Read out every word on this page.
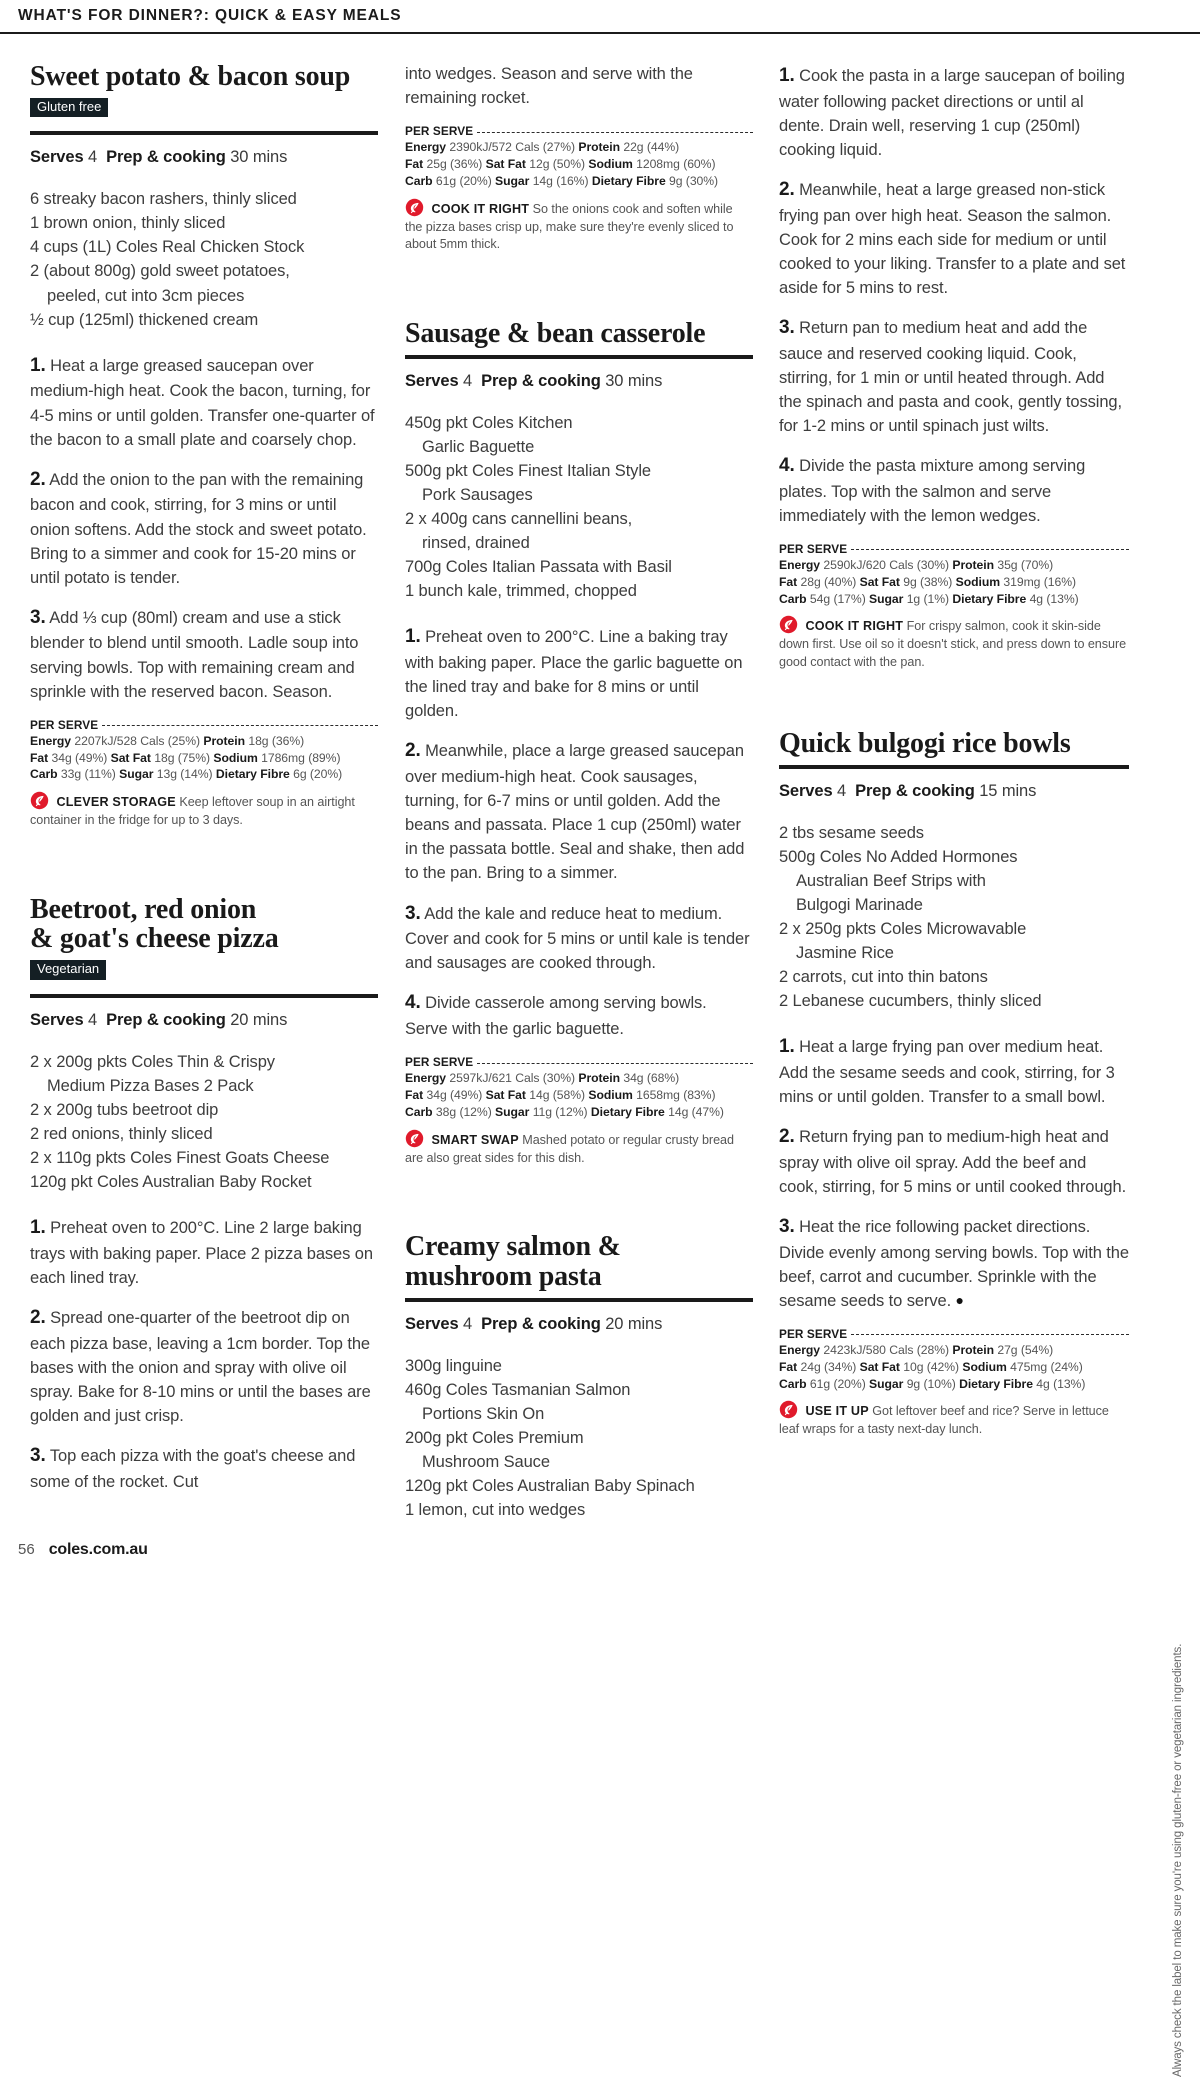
WHAT'S FOR DINNER?: QUICK & EASY MEALS
Sweet potato & bacon soup
Gluten free

Serves 4 Prep & cooking 30 mins

6 streaky bacon rashers, thinly sliced
1 brown onion, thinly sliced
4 cups (1L) Coles Real Chicken Stock
2 (about 800g) gold sweet potatoes,
peeled, cut into 3cm pieces
½ cup (125ml) thickened cream

1. Heat a large greased saucepan over medium-high heat. Cook the bacon, turning, for 4-5 mins or until golden. Transfer one-quarter of the bacon to a small plate and coarsely chop.

2. Add the onion to the pan with the remaining bacon and cook, stirring, for 3 mins or until onion softens. Add the stock and sweet potato. Bring to a simmer and cook for 15-20 mins or until potato is tender.

3. Add ⅓ cup (80ml) cream and use a stick blender to blend until smooth. Ladle soup into serving bowls. Top with remaining cream and sprinkle with the reserved bacon. Season.

PER SERVE
Energy 2207kJ/528 Cals (25%) Protein 18g (36%)
Fat 34g (49%) Sat Fat 18g (75%) Sodium 1786mg (89%)
Carb 33g (11%) Sugar 13g (14%) Dietary Fibre 6g (20%)

CLEVER STORAGE Keep leftover soup in an airtight container in the fridge for up to 3 days.

Beetroot, red onion
& goat's cheese pizza
Vegetarian

Serves 4 Prep & cooking 20 mins

2 x 200g pkts Coles Thin & Crispy
Medium Pizza Bases 2 Pack
2 x 200g tubs beetroot dip
2 red onions, thinly sliced
2 x 110g pkts Coles Finest Goats Cheese
120g pkt Coles Australian Baby Rocket

1. Preheat oven to 200°C. Line 2 large baking trays with baking paper. Place 2 pizza bases on each lined tray.

2. Spread one-quarter of the beetroot dip on each pizza base, leaving a 1cm border. Top the bases with the onion and spray with olive oil spray. Bake for 8-10 mins or until the bases are golden and just crisp.

3. Top each pizza with the goat's cheese and some of the rocket. Cut

into wedges. Season and serve with the remaining rocket.

PER SERVE
Energy 2390kJ/572 Cals (27%) Protein 22g (44%)
Fat 25g (36%) Sat Fat 12g (50%) Sodium 1208mg (60%)
Carb 61g (20%) Sugar 14g (16%) Dietary Fibre 9g (30%)

COOK IT RIGHT So the onions cook and soften while the pizza bases crisp up, make sure they're evenly sliced to about 5mm thick.

Sausage & bean casserole

Serves 4 Prep & cooking 30 mins

450g pkt Coles Kitchen
Garlic Baguette
500g pkt Coles Finest Italian Style
Pork Sausages
2 x 400g cans cannellini beans,
rinsed, drained
700g Coles Italian Passata with Basil
1 bunch kale, trimmed, chopped

1. Preheat oven to 200°C. Line a baking tray with baking paper. Place the garlic baguette on the lined tray and bake for 8 mins or until golden.

2. Meanwhile, place a large greased saucepan over medium-high heat. Cook sausages, turning, for 6-7 mins or until golden. Add the beans and passata. Place 1 cup (250ml) water in the passata bottle. Seal and shake, then add to the pan. Bring to a simmer.

3. Add the kale and reduce heat to medium. Cover and cook for 5 mins or until kale is tender and sausages are cooked through.

4. Divide casserole among serving bowls. Serve with the garlic baguette.

PER SERVE
Energy 2597kJ/621 Cals (30%) Protein 34g (68%)
Fat 34g (49%) Sat Fat 14g (58%) Sodium 1658mg (83%)
Carb 38g (12%) Sugar 11g (12%) Dietary Fibre 14g (47%)

SMART SWAP Mashed potato or regular crusty bread are also great sides for this dish.

Creamy salmon &
mushroom pasta

Serves 4 Prep & cooking 20 mins

300g linguine
460g Coles Tasmanian Salmon
Portions Skin On
200g pkt Coles Premium
Mushroom Sauce
120g pkt Coles Australian Baby Spinach
1 lemon, cut into wedges

1. Cook the pasta in a large saucepan of boiling water following packet directions or until al dente. Drain well, reserving 1 cup (250ml) cooking liquid.

2. Meanwhile, heat a large greased non-stick frying pan over high heat. Season the salmon. Cook for 2 mins each side for medium or until cooked to your liking. Transfer to a plate and set aside for 5 mins to rest.

3. Return pan to medium heat and add the sauce and reserved cooking liquid. Cook, stirring, for 1 min or until heated through. Add the spinach and pasta and cook, gently tossing, for 1-2 mins or until spinach just wilts.

4. Divide the pasta mixture among serving plates. Top with the salmon and serve immediately with the lemon wedges.

PER SERVE
Energy 2590kJ/620 Cals (30%) Protein 35g (70%)
Fat 28g (40%) Sat Fat 9g (38%) Sodium 319mg (16%)
Carb 54g (17%) Sugar 1g (1%) Dietary Fibre 4g (13%)

COOK IT RIGHT For crispy salmon, cook it skin-side down first. Use oil so it doesn't stick, and press down to ensure good contact with the pan.

Quick bulgogi rice bowls

Serves 4 Prep & cooking 15 mins

2 tbs sesame seeds
500g Coles No Added Hormones
Australian Beef Strips with
Bulgogi Marinade
2 x 250g pkts Coles Microwavable
Jasmine Rice
2 carrots, cut into thin batons
2 Lebanese cucumbers, thinly sliced

1. Heat a large frying pan over medium heat. Add the sesame seeds and cook, stirring, for 3 mins or until golden. Transfer to a small bowl.

2. Return frying pan to medium-high heat and spray with olive oil spray. Add the beef and cook, stirring, for 5 mins or until cooked through.

3. Heat the rice following packet directions. Divide evenly among serving bowls. Top with the beef, carrot and cucumber. Sprinkle with the sesame seeds to serve. ●

PER SERVE
Energy 2423kJ/580 Cals (28%) Protein 27g (54%)
Fat 24g (34%) Sat Fat 10g (42%) Sodium 475mg (24%)
Carb 61g (20%) Sugar 9g (10%) Dietary Fibre 4g (13%)

USE IT UP Got leftover beef and rice? Serve in lettuce leaf wraps for a tasty next-day lunch.

Always check the label to make sure you're using gluten-free or vegetarian ingredients.
56 coles.com.au
